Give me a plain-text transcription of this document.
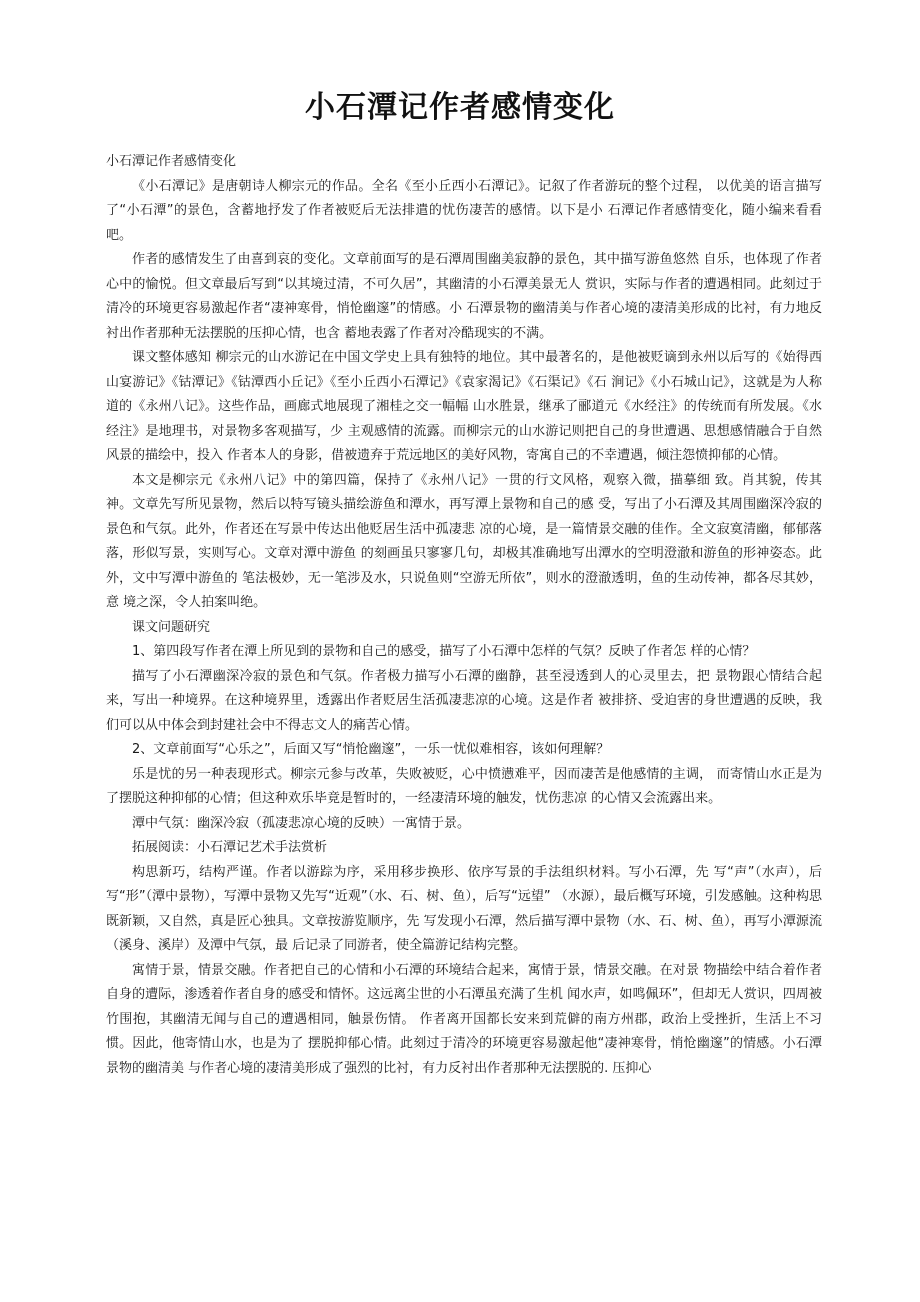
小石潭记作者感情变化

小石潭记作者感情变化

《小石潭记》是唐朝诗人柳宗元的作品。全名《至小丘西小石潭记》。记叙了作者游玩的整个过程， 以优美的语言描写了“小石潭”的景色，含蓄地抒发了作者被贬后无法排遣的忧伤凄苦的感情。以下是小 石潭记作者感情变化，随小编来看看吧。

作者的感情发生了由喜到哀的变化。文章前面写的是石潭周围幽美寂静的景色，其中描写游鱼悠然 自乐，也体现了作者心中的愉悦。但文章最后写到“以其境过清，不可久居”，其幽清的小石潭美景无人 赏识，实际与作者的遭遇相同。此刻过于清冷的环境更容易激起作者“凄神寒骨，悄怆幽邃”的情感。小 石潭景物的幽清美与作者心境的凄清美形成的比衬，有力地反衬出作者那种无法摆脱的压抑心情，也含 蓄地表露了作者对冷酷现实的不满。

课文整体感知 柳宗元的山水游记在中国文学史上具有独特的地位。其中最著名的，是他被贬谪到永州以后写的《始得西山宴游记》《钴潭记》《钴潭西小丘记》《至小丘西小石潭记》《袁家渴记》《石渠记》《石 涧记》《小石城山记》，这就是为人称道的《永州八记》。这些作品，画廊式地展现了湘桂之交一幅幅 山水胜景，继承了郦道元《水经注》的传统而有所发展。《水经注》是地理书，对景物多客观描写，少 主观感情的流露。而柳宗元的山水游记则把自己的身世遭遇、思想感情融合于自然风景的描绘中，投入 作者本人的身影，借被遗弃于荒远地区的美好风物，寄寓自己的不幸遭遇，倾注怨愤抑郁的心情。

本文是柳宗元《永州八记》中的第四篇，保持了《永州八记》一贯的行文风格，观察入微，描摹细 致。肖其貌，传其神。文章先写所见景物，然后以特写镜头描绘游鱼和潭水，再写潭上景物和自己的感 受，写出了小石潭及其周围幽深冷寂的景色和气氛。此外，作者还在写景中传达出他贬居生活中孤凄悲 凉的心境，是一篇情景交融的佳作。全文寂寞清幽，郁郁落落，形似写景，实则写心。文章对潭中游鱼 的刻画虽只寥寥几句，却极其准确地写出潭水的空明澄澈和游鱼的形神姿态。此外，文中写潭中游鱼的 笔法极妙，无一笔涉及水，只说鱼则“空游无所依”，则水的澄澈透明，鱼的生动传神，都各尽其妙，意 境之深，令人拍案叫绝。

课文问题研究

1、第四段写作者在潭上所见到的景物和自己的感受，描写了小石潭中怎样的气氛？反映了作者怎 样的心情？

描写了小石潭幽深冷寂的景色和气氛。作者极力描写小石潭的幽静，甚至浸透到人的心灵里去，把 景物跟心情结合起来，写出一种境界。在这种境界里，透露出作者贬居生活孤凄悲凉的心境。这是作者 被排挤、受迫害的身世遭遇的反映，我们可以从中体会到封建社会中不得志文人的痛苦心情。

2、文章前面写“心乐之”，后面又写“悄怆幽邃”，一乐一忧似难相容，该如何理解？

乐是忧的另一种表现形式。柳宗元参与改革，失败被贬，心中愤懑难平，因而凄苦是他感情的主调， 而寄情山水正是为了摆脱这种抑郁的心情；但这种欢乐毕竟是暂时的，一经凄清环境的触发，忧伤悲凉 的心情又会流露出来。

潭中气氛：幽深冷寂（孤凄悲凉心境的反映）一寓情于景。

拓展阅读：小石潭记艺术手法赏析

构思新巧，结构严谨。作者以游踪为序，采用移步换形、依序写景的手法组织材料。写小石潭，先 写“声”（水声），后写“形”（潭中景物），写潭中景物又先写“近观”（水、石、树、鱼），后写“远望” （水源），最后概写环境，引发感触。这种构思既新颖，又自然，真是匠心独具。文章按游览顺序，先 写发现小石潭，然后描写潭中景物（水、石、树、鱼），再写小潭源流（溪身、溪岸）及潭中气氛，最 后记录了同游者，使全篇游记结构完整。

寓情于景，情景交融。作者把自己的心情和小石潭的环境结合起来，寓情于景，情景交融。在对景 物描绘中结合着作者自身的遭际，渗透着作者自身的感受和情怀。这远离尘世的小石潭虽充满了生机 闻水声，如鸣佩环”，但却无人赏识，四周被竹围抱，其幽清无闻与自己的遭遇相同，触景伤情。 作者离开国都长安来到荒僻的南方州郡，政治上受挫折，生活上不习惯。因此，他寄情山水，也是为了 摆脱抑郁心情。此刻过于清冷的环境更容易激起他“凄神寒骨，悄怆幽邃”的情感。小石潭景物的幽清美 与作者心境的凄清美形成了强烈的比衬，有力反衬出作者那种无法摆脱的. 压抑心
